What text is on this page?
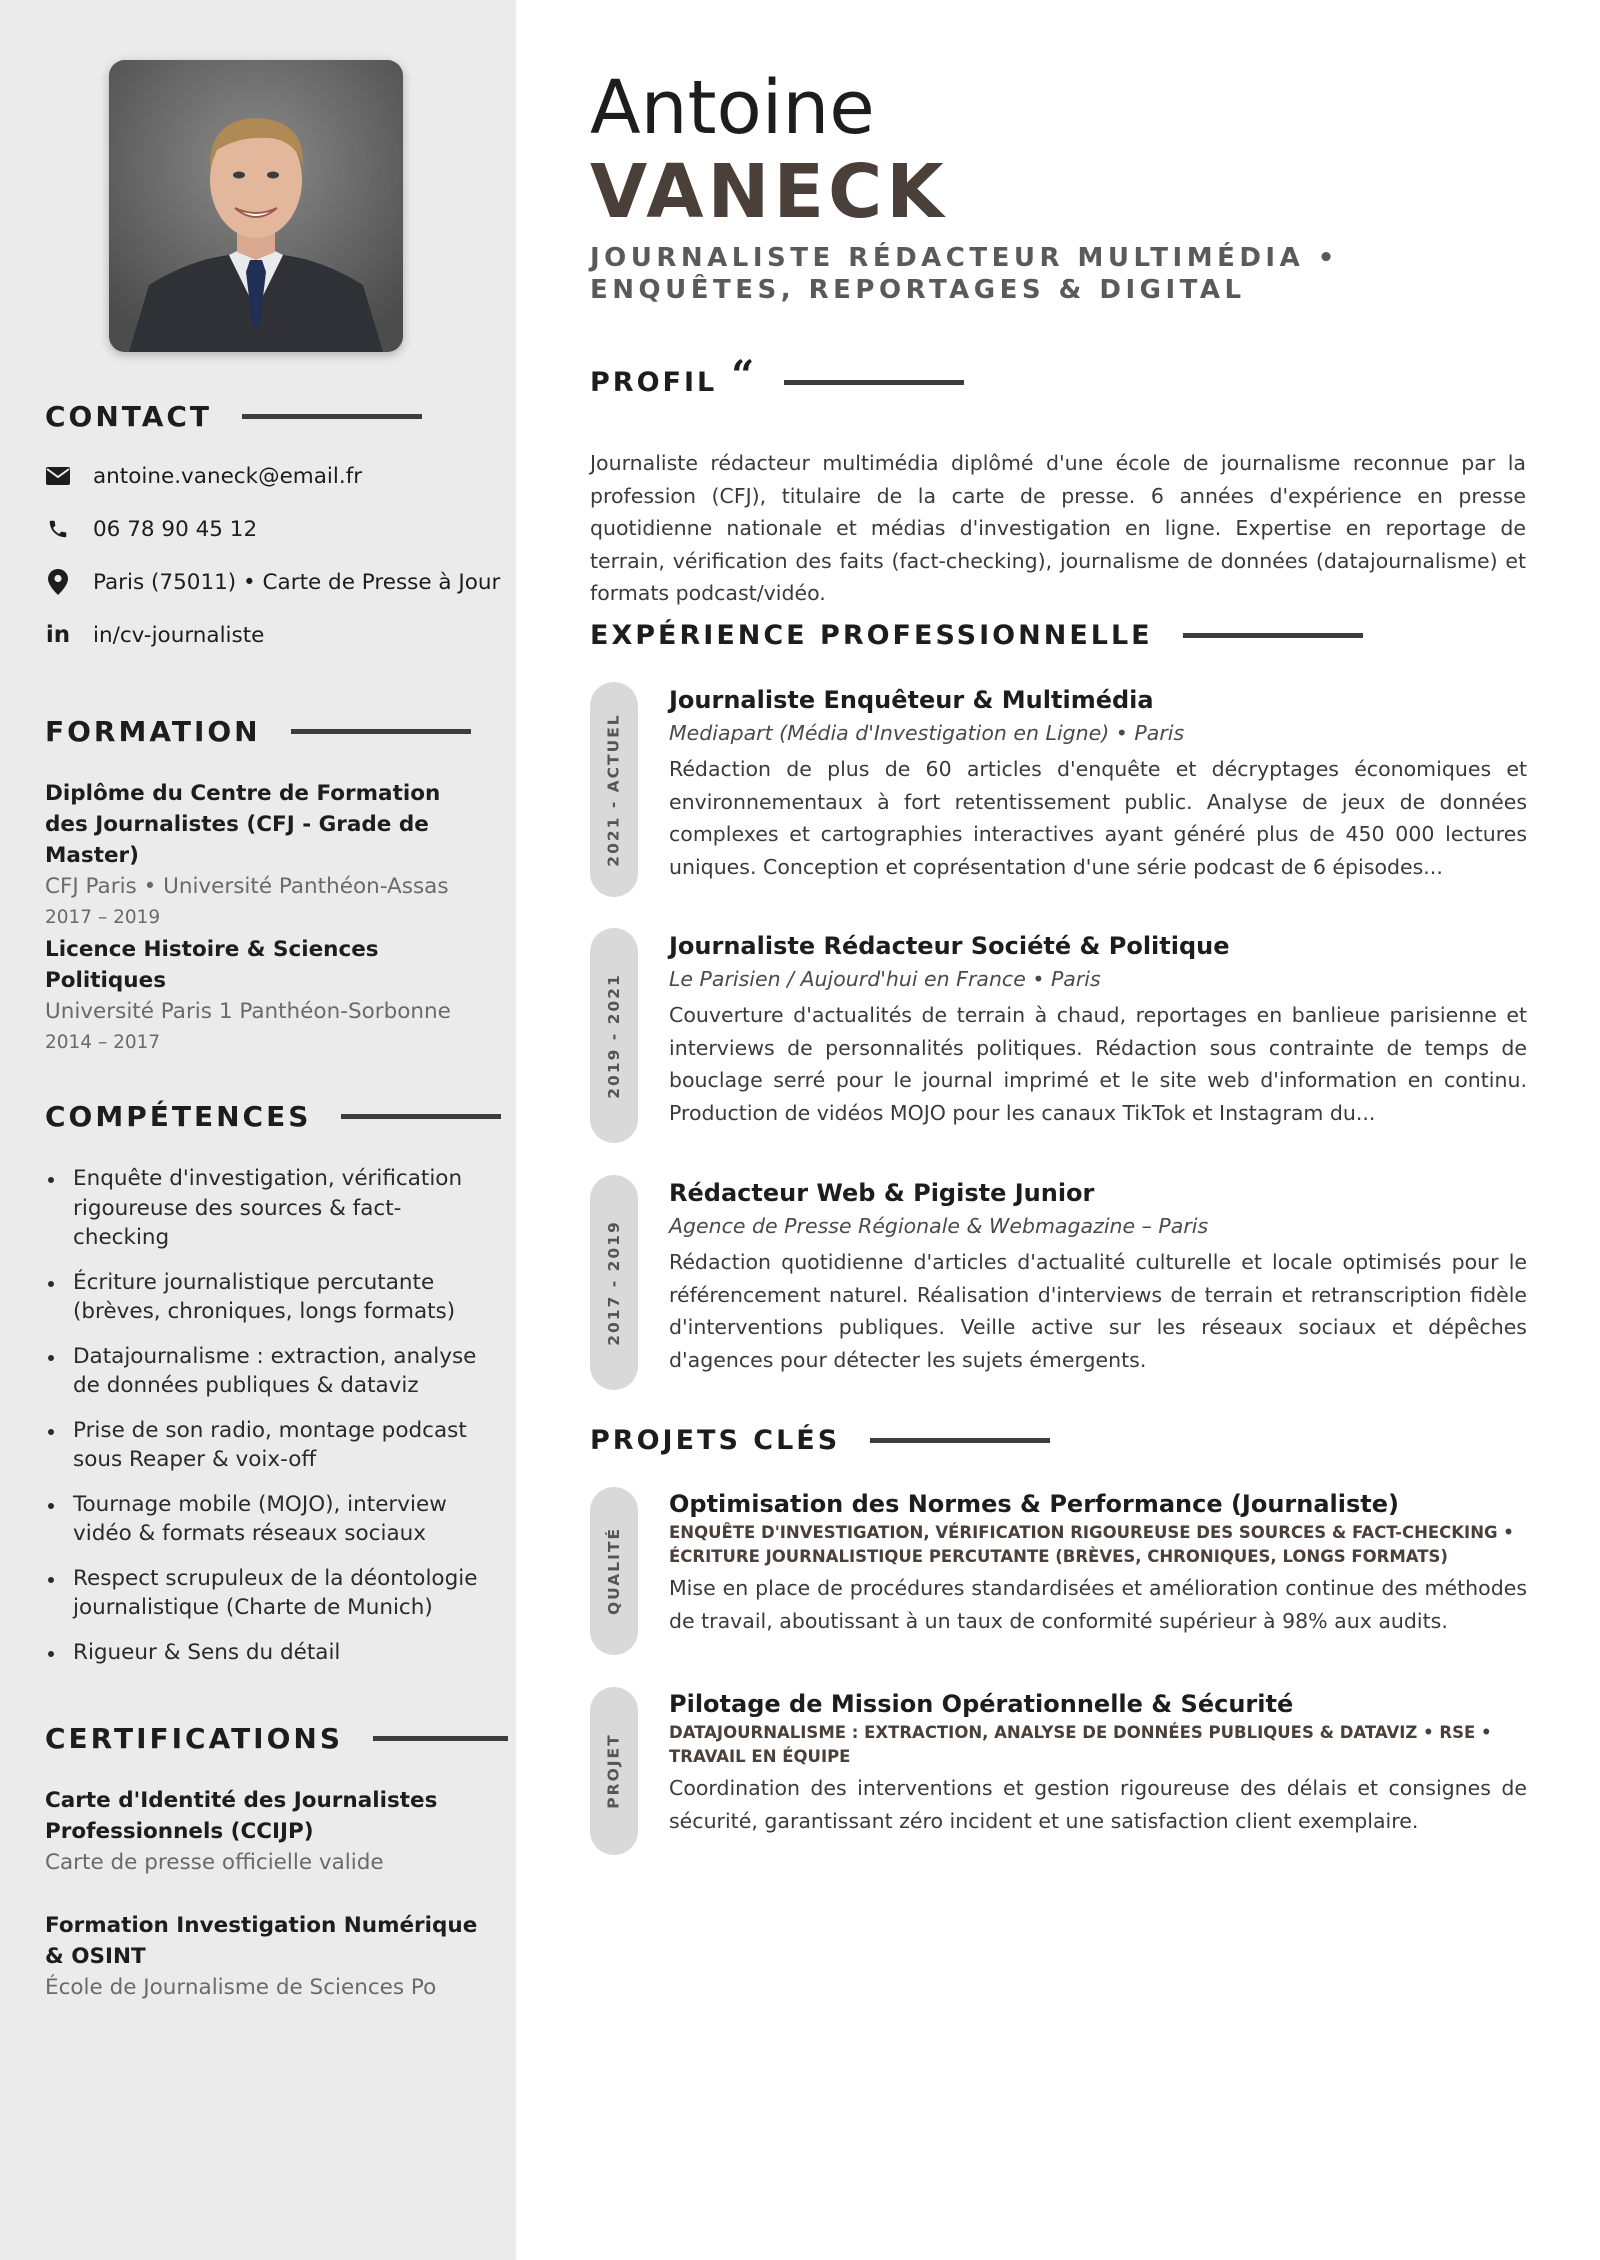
CONTACT
antoine.vaneck@email.fr
06 78 90 45 12
Paris (75011) • Carte de Presse à Jour
in in/cv-journaliste
FORMATION
Diplôme du Centre de Formation des Journalistes (CFJ - Grade de Master)
CFJ Paris • Université Panthéon-Assas
2017 – 2019
Licence Histoire & Sciences Politiques
Université Paris 1 Panthéon-Sorbonne
2014 – 2017
COMPÉTENCES
Enquête d'investigation, vérification rigoureuse des sources & fact-checking
Écriture journalistique percutante (brèves, chroniques, longs formats)
Datajournalisme : extraction, analyse de données publiques & dataviz
Prise de son radio, montage podcast sous Reaper & voix-off
Tournage mobile (MOJO), interview vidéo & formats réseaux sociaux
Respect scrupuleux de la déontologie journalistique (Charte de Munich)
Rigueur & Sens du détail
CERTIFICATIONS
Carte d'Identité des Journalistes Professionnels (CCIJP)
Carte de presse officielle valide
Formation Investigation Numérique & OSINT
École de Journalisme de Sciences Po
Antoine
VANECK
JOURNALISTE RÉDACTEUR MULTIMÉDIA • ENQUÊTES, REPORTAGES & DIGITAL
PROFIL “
Journaliste rédacteur multimédia diplômé d'une école de journalisme reconnue par la profession (CFJ), titulaire de la carte de presse. 6 années d'expérience en presse quotidienne nationale et médias d'investigation en ligne. Expertise en reportage de terrain, vérification des faits (fact-checking), journalisme de données (datajournalisme) et formats podcast/vidéo.
EXPÉRIENCE PROFESSIONNELLE
2021 - ACTUEL
Journaliste Enquêteur & Multimédia
Mediapart (Média d'Investigation en Ligne) • Paris
Rédaction de plus de 60 articles d'enquête et décryptages économiques et environnementaux à fort retentissement public. Analyse de jeux de données complexes et cartographies interactives ayant généré plus de 450 000 lectures uniques. Conception et coprésentation d'une série podcast de 6 épisodes...
2019 - 2021
Journaliste Rédacteur Société & Politique
Le Parisien / Aujourd'hui en France • Paris
Couverture d'actualités de terrain à chaud, reportages en banlieue parisienne et interviews de personnalités politiques. Rédaction sous contrainte de temps de bouclage serré pour le journal imprimé et le site web d'information en continu. Production de vidéos MOJO pour les canaux TikTok et Instagram du...
2017 - 2019
Rédacteur Web & Pigiste Junior
Agence de Presse Régionale & Webmagazine – Paris
Rédaction quotidienne d'articles d'actualité culturelle et locale optimisés pour le référencement naturel. Réalisation d'interviews de terrain et retranscription fidèle d'interventions publiques. Veille active sur les réseaux sociaux et dépêches d'agences pour détecter les sujets émergents.
PROJETS CLÉS
QUALITÉ
Optimisation des Normes & Performance (Journaliste)
ENQUÊTE D'INVESTIGATION, VÉRIFICATION RIGOUREUSE DES SOURCES & FACT-CHECKING • ÉCRITURE JOURNALISTIQUE PERCUTANTE (BRÈVES, CHRONIQUES, LONGS FORMATS)
Mise en place de procédures standardisées et amélioration continue des méthodes de travail, aboutissant à un taux de conformité supérieur à 98% aux audits.
PROJET
Pilotage de Mission Opérationnelle & Sécurité
DATAJOURNALISME : EXTRACTION, ANALYSE DE DONNÉES PUBLIQUES & DATAVIZ • RSE • TRAVAIL EN ÉQUIPE
Coordination des interventions et gestion rigoureuse des délais et consignes de sécurité, garantissant zéro incident et une satisfaction client exemplaire.
